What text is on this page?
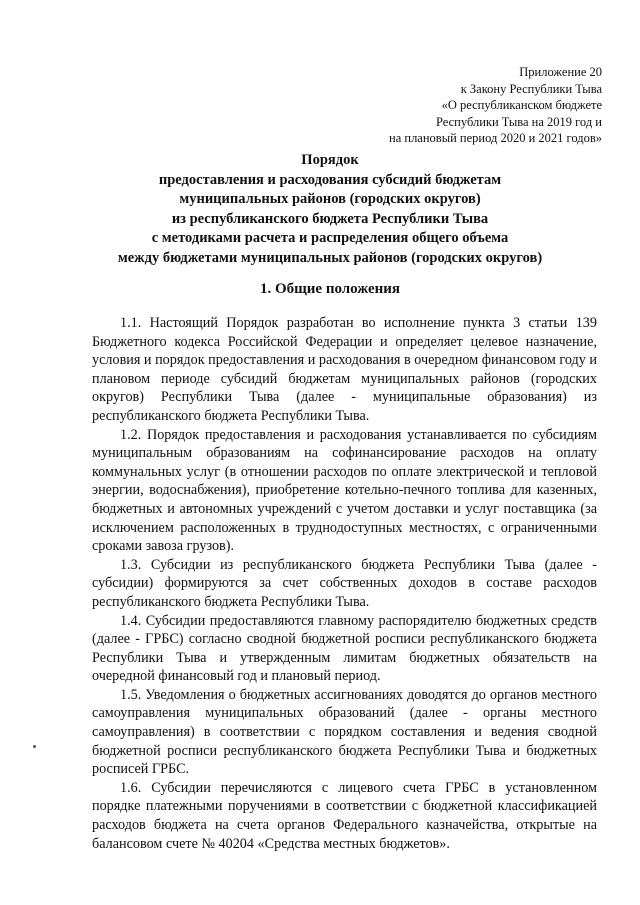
Приложение 20
к Закону Республики Тыва
«О республиканском бюджете
Республики Тыва на 2019 год и
на плановый период 2020 и 2021 годов»
Порядок
предоставления и расходования субсидий бюджетам
муниципальных районов (городских округов)
из республиканского бюджета Республики Тыва
с методиками расчета и распределения общего объема
между бюджетами муниципальных районов (городских округов)
1. Общие положения

1.1. Настоящий Порядок разработан во исполнение пункта 3 статьи 139 Бюджетного кодекса Российской Федерации и определяет целевое назначение, условия и порядок предоставления и расходования в очередном финансовом году и плановом периоде субсидий бюджетам муниципальных районов (городских округов) Республики Тыва (далее - муниципальные образования) из республиканского бюджета Республики Тыва.

1.2. Порядок предоставления и расходования устанавливается по субсидиям муниципальным образованиям на софинансирование расходов на оплату коммунальных услуг (в отношении расходов по оплате электрической и тепловой энергии, водоснабжения), приобретение котельно-печного топлива для казенных, бюджетных и автономных учреждений с учетом доставки и услуг поставщика (за исключением расположенных в труднодоступных местностях, с ограниченными сроками завоза грузов).

1.3. Субсидии из республиканского бюджета Республики Тыва (далее - субсидии) формируются за счет собственных доходов в составе расходов республиканского бюджета Республики Тыва.

1.4. Субсидии предоставляются главному распорядителю бюджетных средств (далее - ГРБС) согласно сводной бюджетной росписи республиканского бюджета Республики Тыва и утвержденным лимитам бюджетных обязательств на очередной финансовый год и плановый период.

1.5. Уведомления о бюджетных ассигнованиях доводятся до органов местного самоуправления муниципальных образований (далее - органы местного самоуправления) в соответствии с порядком составления и ведения сводной бюджетной росписи республиканского бюджета Республики Тыва и бюджетных росписей ГРБС.

1.6. Субсидии перечисляются с лицевого счета ГРБС в установленном порядке платежными поручениями в соответствии с бюджетной классификацией расходов бюджета на счета органов Федерального казначейства, открытые на балансовом счете № 40204 «Средства местных бюджетов».
